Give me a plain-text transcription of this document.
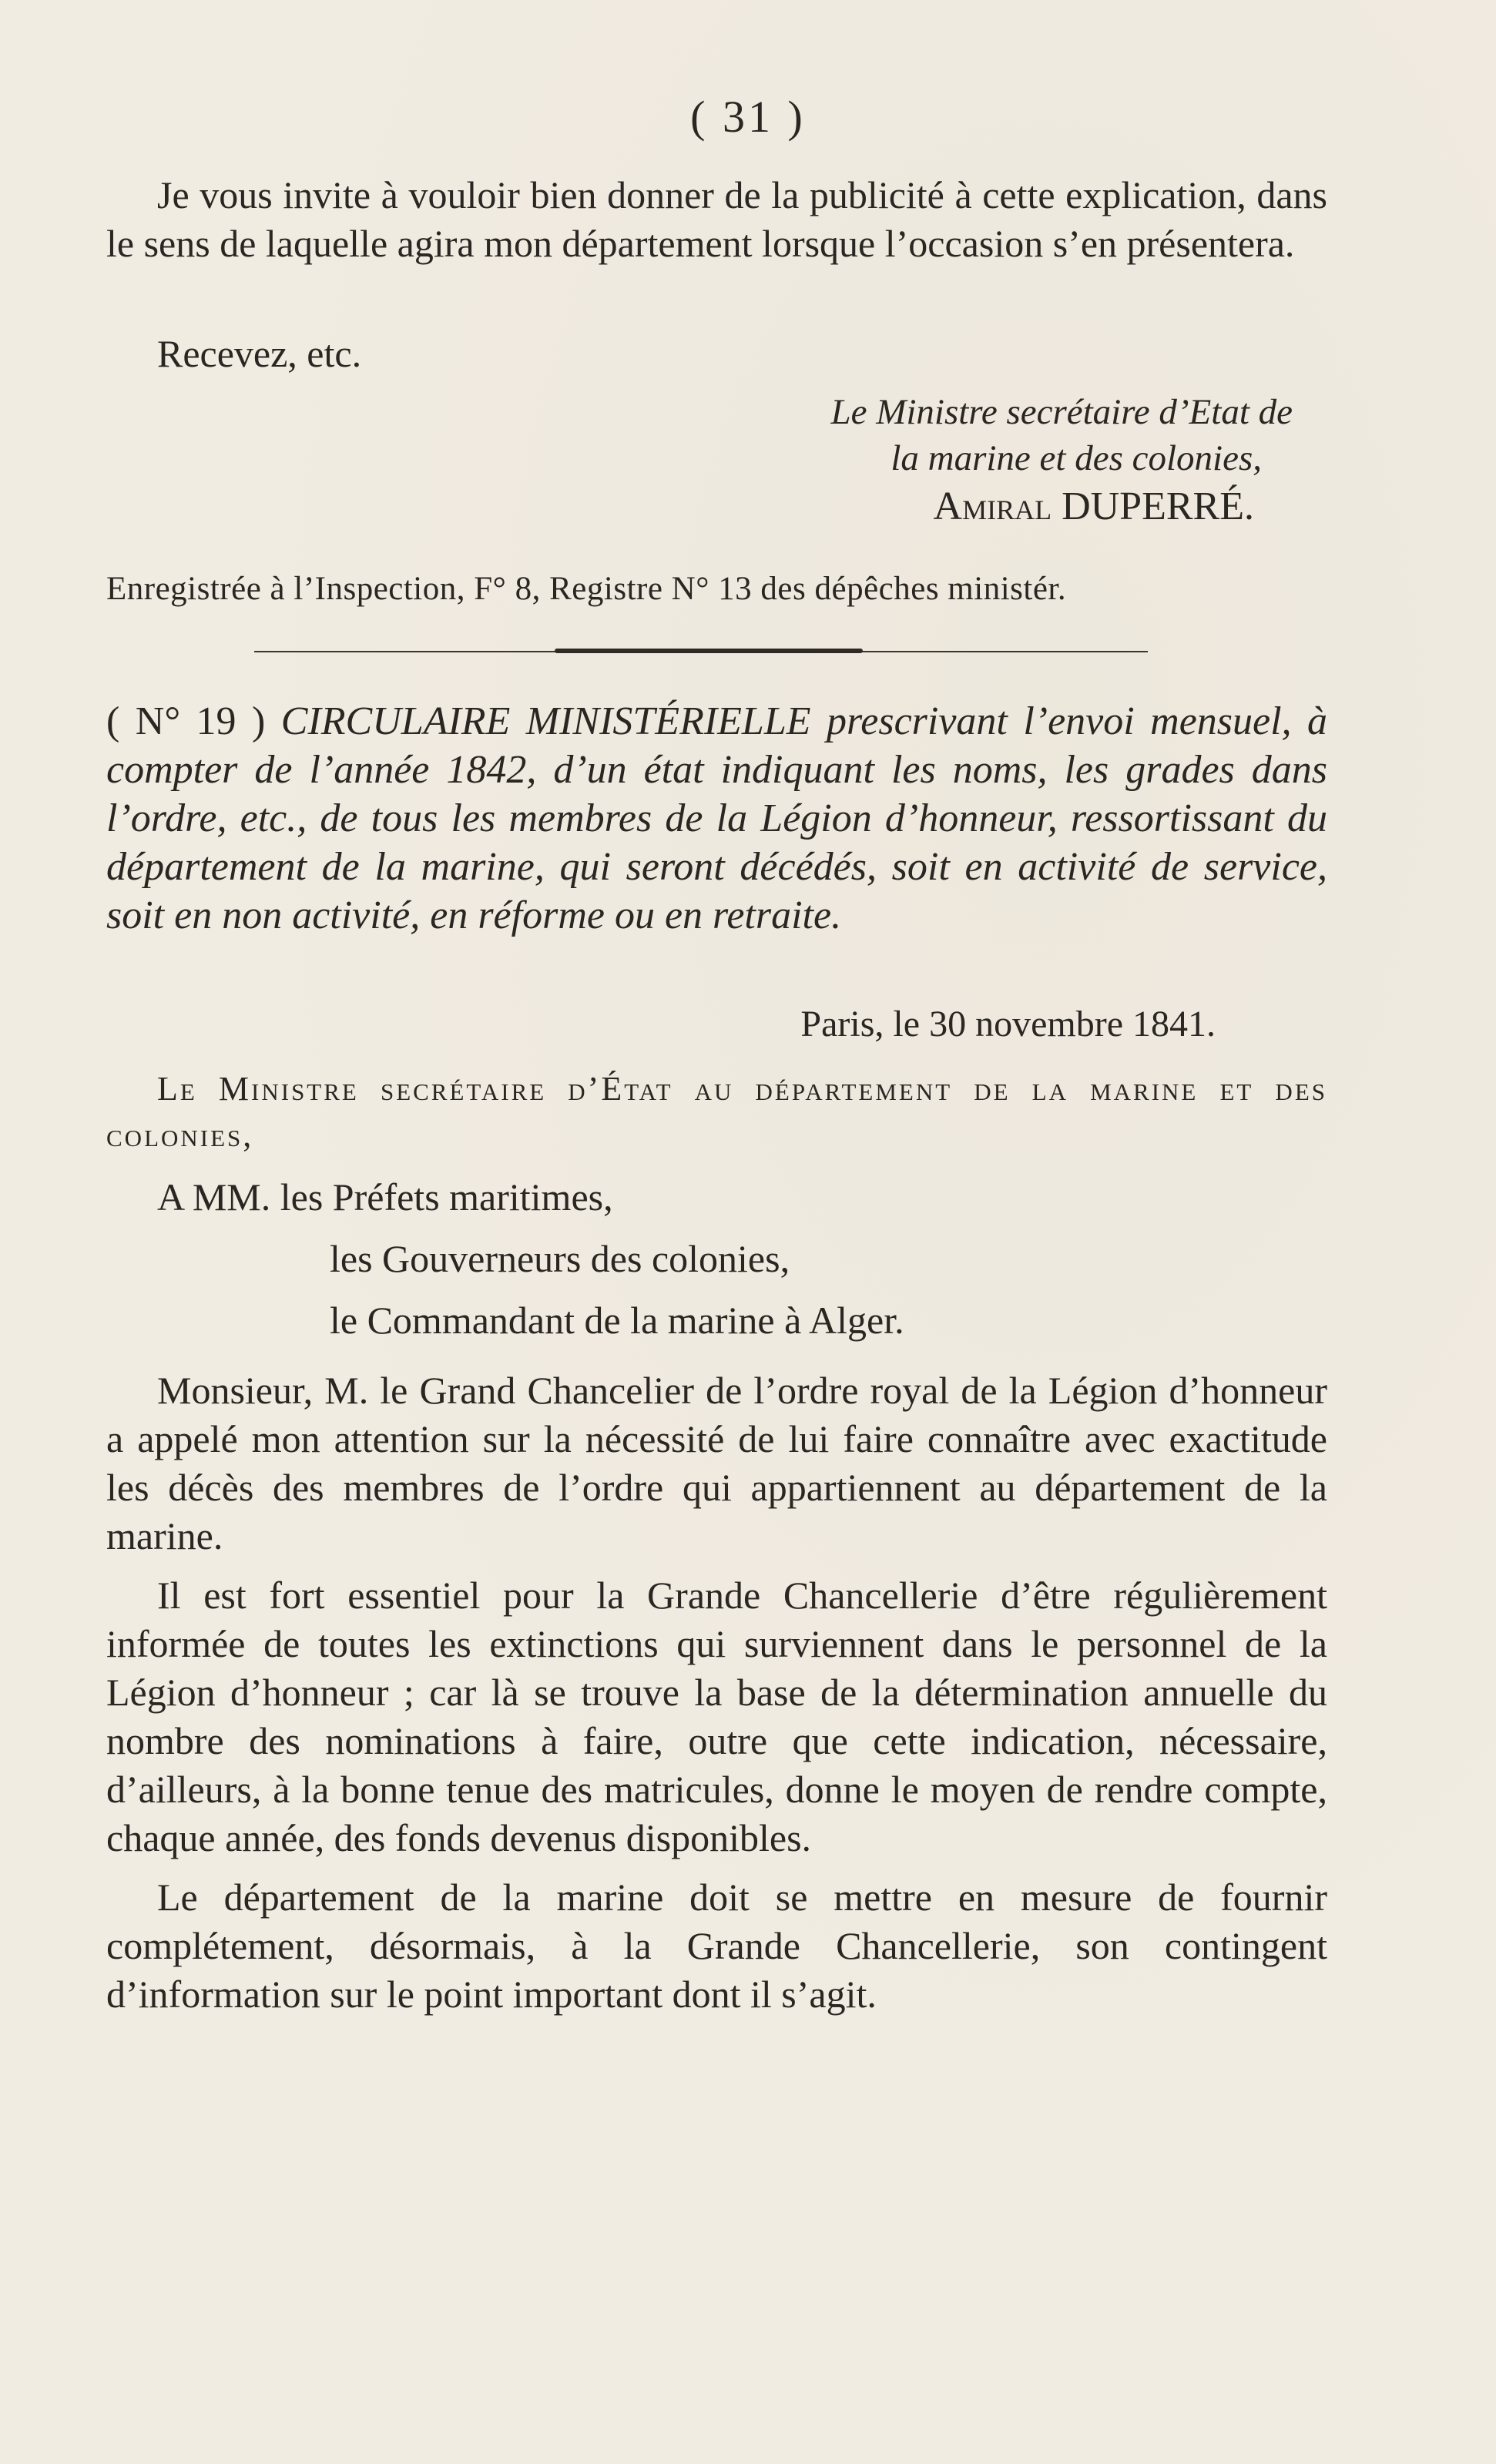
( 31 )

Je vous invite à vouloir bien donner de la publicité à cette explication, dans le sens de laquelle agira mon département lorsque l’occasion s’en présentera.

Recevez, etc.

Le Ministre secrétaire d’Etat de

la marine et des colonies,

Amiral DUPERRÉ.

Enregistrée à l’Inspection, F° 8, Registre N° 13 des dépêches ministér.

( N° 19 ) CIRCULAIRE MINISTÉRIELLE prescrivant l’envoi mensuel, à compter de l’année 1842, d’un état indiquant les noms, les grades dans l’ordre, etc., de tous les membres de la Légion d’honneur, ressortissant du département de la marine, qui seront décédés, soit en activité de service, soit en non activité, en réforme ou en retraite.

Paris, le 30 novembre 1841.

Le Ministre secrétaire d’État au département de la marine et des colonies,

A MM. les Préfets maritimes,

les Gouverneurs des colonies,

le Commandant de la marine à Alger.

Monsieur, M. le Grand Chancelier de l’ordre royal de la Légion d’honneur a appelé mon attention sur la nécessité de lui faire connaître avec exactitude les décès des membres de l’ordre qui appartiennent au département de la marine.

Il est fort essentiel pour la Grande Chancellerie d’être régulièrement informée de toutes les extinctions qui surviennent dans le personnel de la Légion d’honneur ; car là se trouve la base de la détermination annuelle du nombre des nominations à faire, outre que cette indication, nécessaire, d’ailleurs, à la bonne tenue des matricules, donne le moyen de rendre compte, chaque année, des fonds devenus disponibles.

Le département de la marine doit se mettre en mesure de fournir complétement, désormais, à la Grande Chancellerie, son contingent d’information sur le point important dont il s’agit.
